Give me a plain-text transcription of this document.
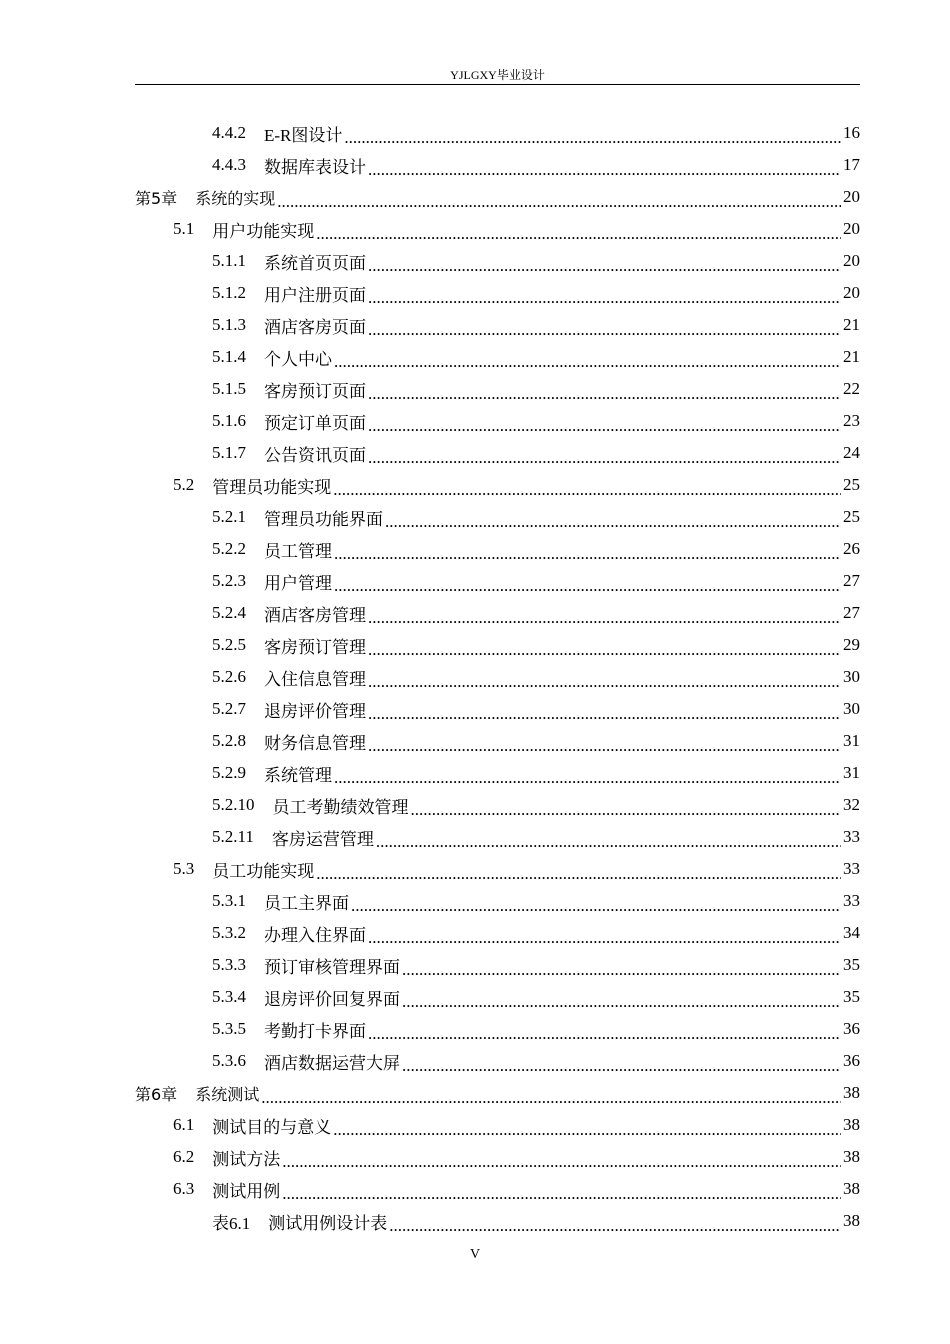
YJLGXY毕业设计
4.4.2 E-R图设计 .....	16
4.4.3 数据库表设计 .....	17
第5章 系统的实现 .....	20
5.1 用户功能实现 .....	20
5.1.1 系统首页页面 .....	20
5.1.2 用户注册页面 .....	20
5.1.3 酒店客房页面 .....	21
5.1.4 个人中心 .....	21
5.1.5 客房预订页面 .....	22
5.1.6 预定订单页面 .....	23
5.1.7 公告资讯页面 .....	24
5.2 管理员功能实现 .....	25
5.2.1 管理员功能界面 .....	25
5.2.2 员工管理 .....	26
5.2.3 用户管理 .....	27
5.2.4 酒店客房管理 .....	27
5.2.5 客房预订管理 .....	29
5.2.6 入住信息管理 .....	30
5.2.7 退房评价管理 .....	30
5.2.8 财务信息管理 .....	31
5.2.9 系统管理 .....	31
5.2.10 员工考勤绩效管理 .....	32
5.2.11 客房运营管理 .....	33
5.3 员工功能实现 .....	33
5.3.1 员工主界面 .....	33
5.3.2 办理入住界面 .....	34
5.3.3 预订审核管理界面 .....	35
5.3.4 退房评价回复界面 .....	35
5.3.5 考勤打卡界面 .....	36
5.3.6 酒店数据运营大屏 .....	36
第6章 系统测试 .....	38
6.1 测试目的与意义 .....	38
6.2 测试方法 .....	38
6.3 测试用例 .....	38
表6.1 测试用例设计表 .....	38
V
